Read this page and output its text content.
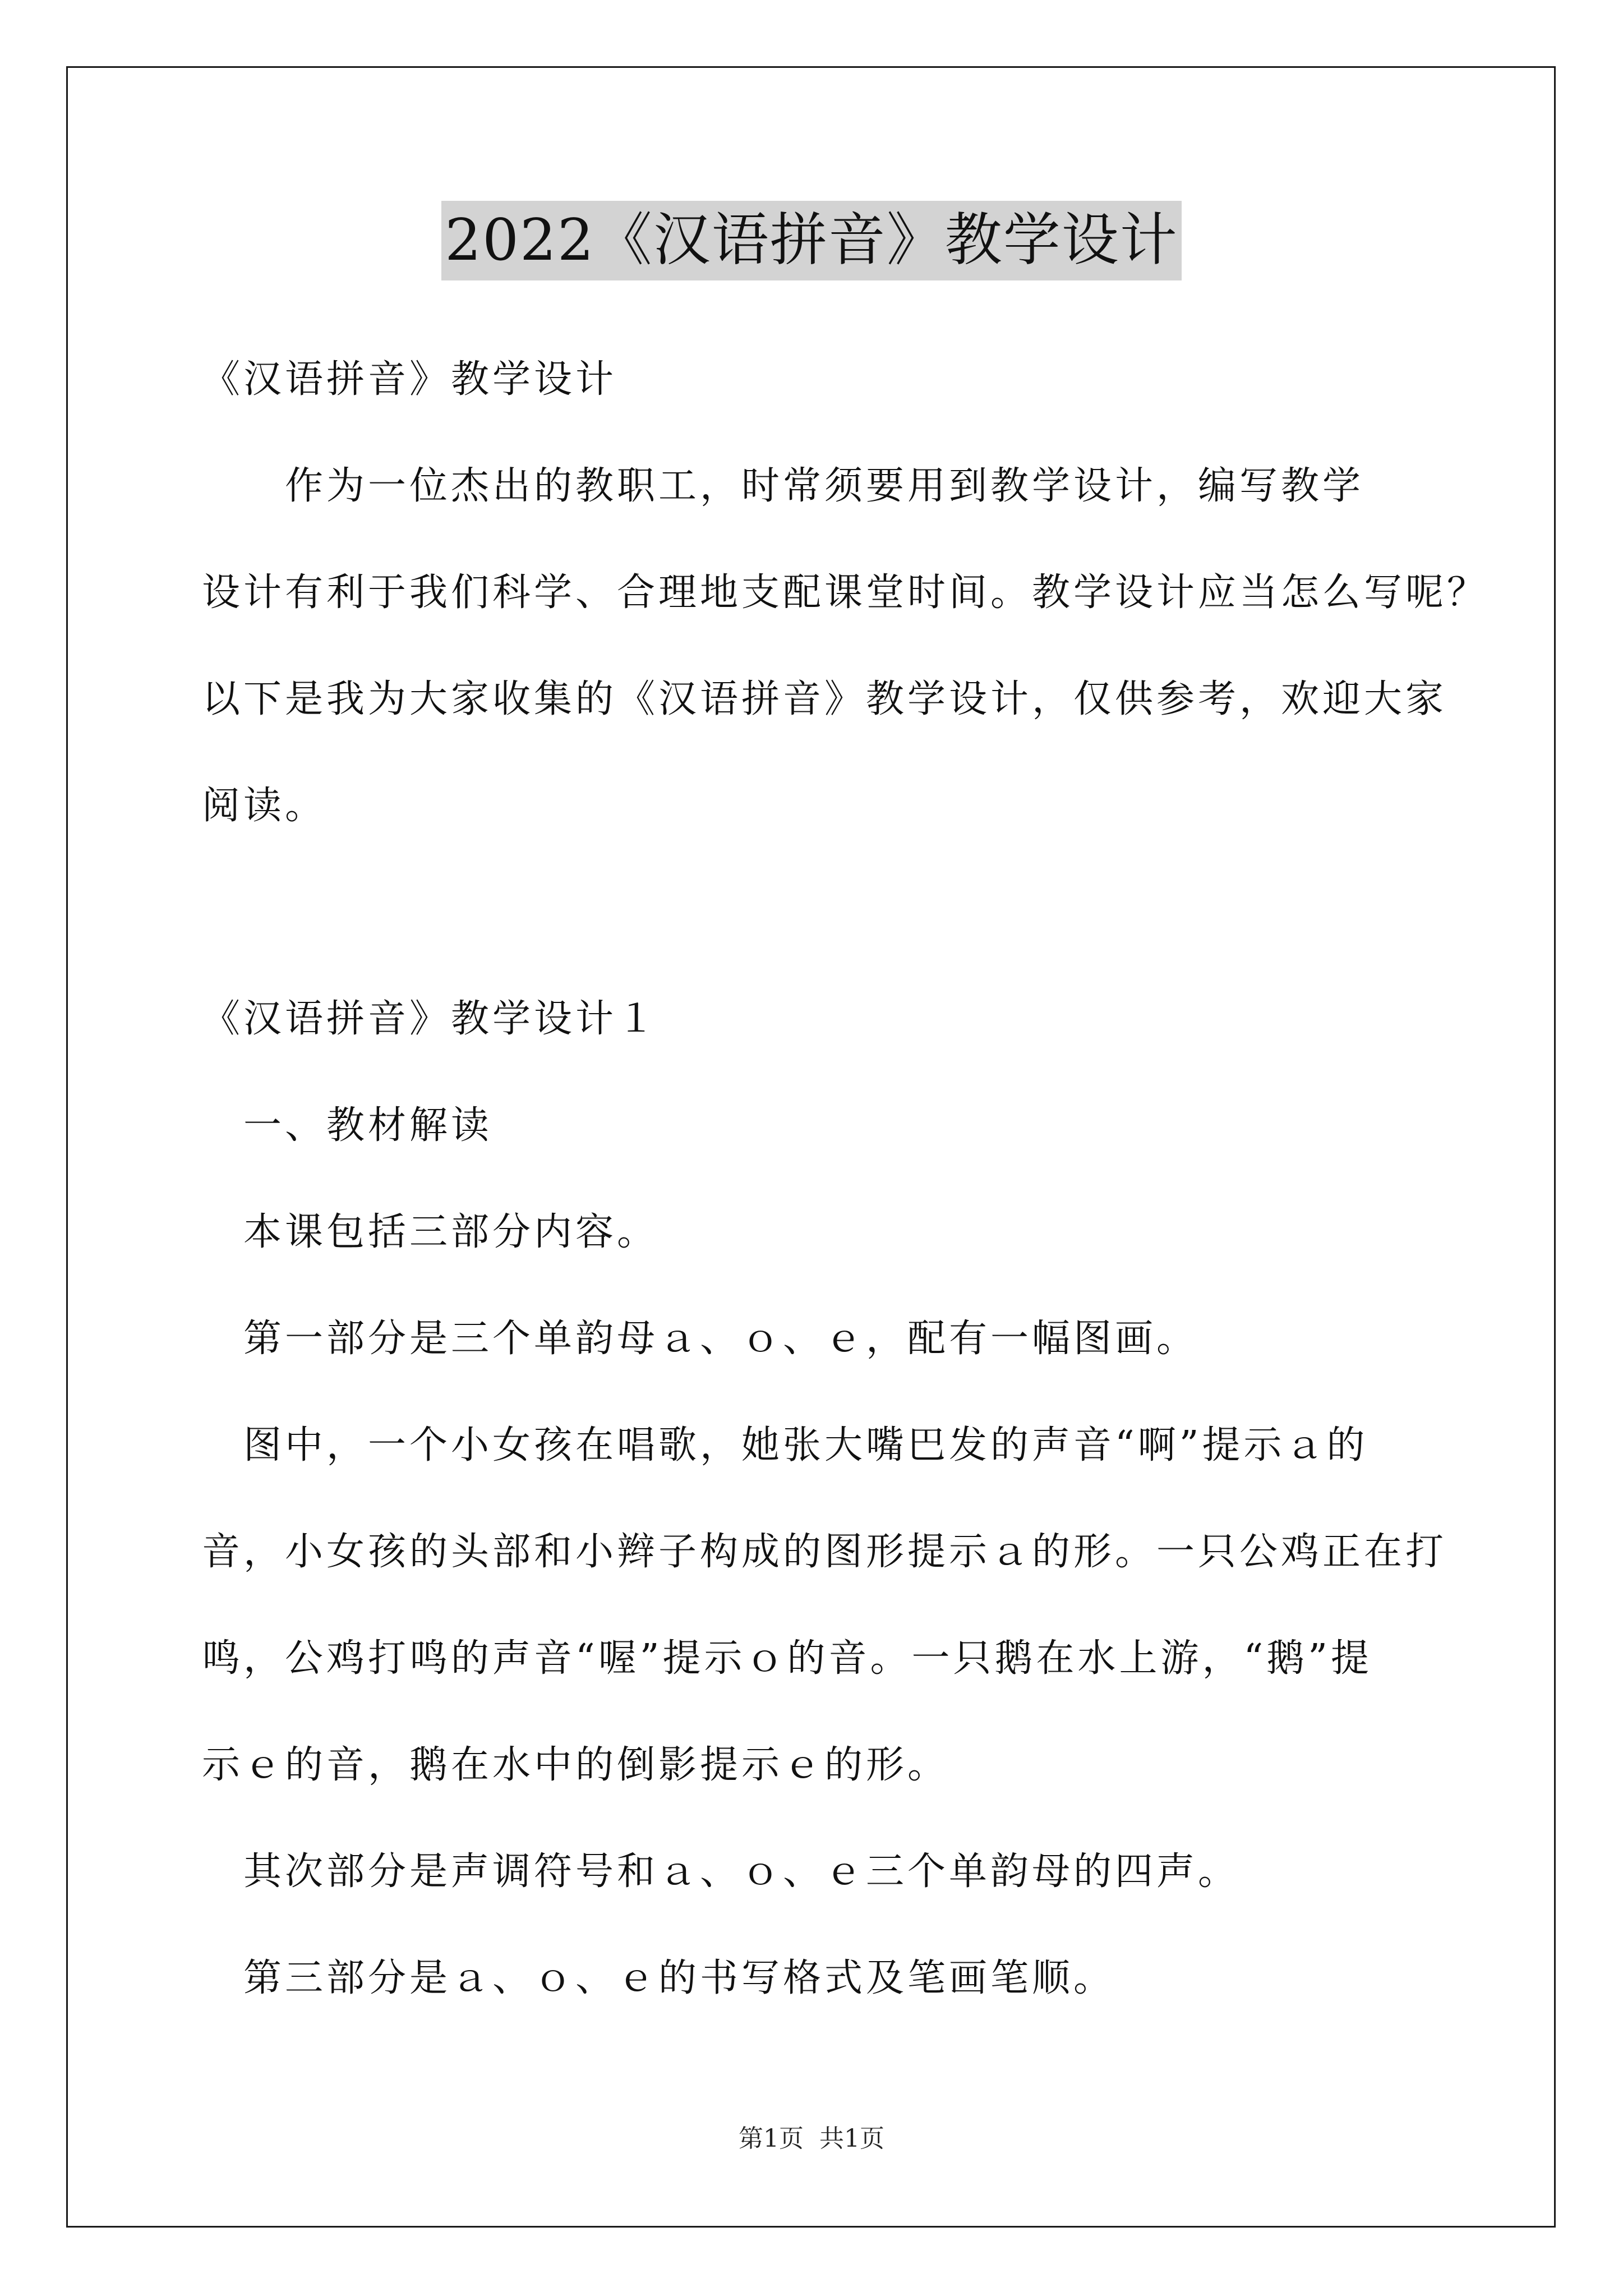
2022《汉语拼音》教学设计
《汉语拼音》教学设计
　　作为一位杰出的教职工，时常须要用到教学设计，编写教学
设计有利于我们科学、合理地支配课堂时间。教学设计应当怎么写呢？
以下是我为大家收集的《汉语拼音》教学设计，仅供参考，欢迎大家
阅读。
《汉语拼音》教学设计１
　一、教材解读
　本课包括三部分内容。
　第一部分是三个单韵母ａ、ｏ、ｅ，配有一幅图画。
　图中，一个小女孩在唱歌，她张大嘴巴发的声音“啊”提示ａ的
音，小女孩的头部和小辫子构成的图形提示ａ的形。一只公鸡正在打
鸣，公鸡打鸣的声音“喔”提示ｏ的音。一只鹅在水上游，“鹅”提
示ｅ的音，鹅在水中的倒影提示ｅ的形。
　其次部分是声调符号和ａ、ｏ、ｅ三个单韵母的四声。
　第三部分是ａ、ｏ、ｅ的书写格式及笔画笔顺。
第1页 共1页
